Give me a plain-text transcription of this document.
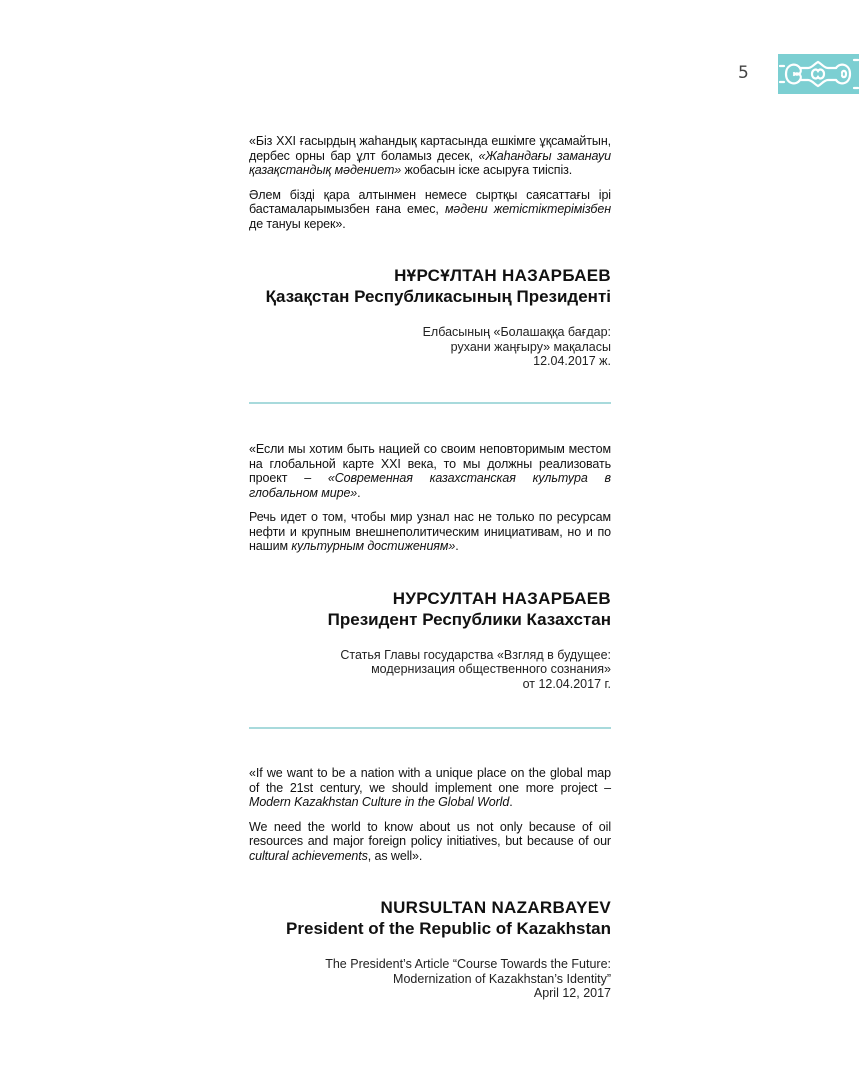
5

«Біз XXI ғасырдың жаһандық картасында ешкімге ұқсамайтын, дербес орны бар ұлт боламыз десек, «Жаһандағы заманауи қазақстандық мәдениет» жобасын іске асыруға тиіспіз.

Әлем бізді қара алтынмен немесе сыртқы саясаттағы ірі бастамаларымызбен ғана емес, мәдени жетістіктерімізбен де тануы керек».

НҰРСҰЛТАН НАЗАРБАЕВ
Қазақстан Республикасының Президенті
Елбасының «Болашаққа бағдар:
рухани жаңғыру» мақаласы
12.04.2017 ж.

«Если мы хотим быть нацией со своим неповторимым местом на глобальной карте XXI века, то мы должны реализовать проект – «Современная казахстанская культура в глобальном мире».

Речь идет о том, чтобы мир узнал нас не только по ресурсам нефти и крупным внешнеполитическим инициативам, но и по нашим культурным достижениям».

НУРСУЛТАН НАЗАРБАЕВ
Президент Республики Казахстан
Статья Главы государства «Взгляд в будущее:
модернизация общественного сознания»
от 12.04.2017 г.

«If we want to be a nation with a unique place on the global map of the 21st century, we should implement one more project – Modern Kazakhstan Culture in the Global World.

We need the world to know about us not only because of oil resources and major foreign policy initiatives, but because of our cultural achievements, as well».

NURSULTAN NAZARBAYEV
President of the Republic of Kazakhstan
The President’s Article “Course Towards the Future:
Modernization of Kazakhstan’s Identity”
April 12, 2017
